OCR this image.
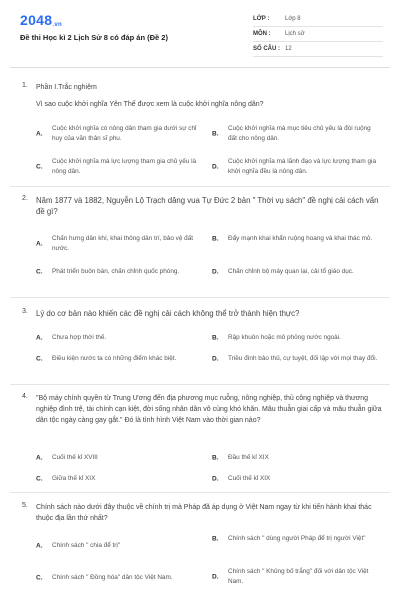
2048.vn
Đề thi Học kì 2 Lịch Sử 8 có đáp án (Đề 2)
LỚP :	Lớp 8
MÔN :	Lịch sử
SỐ CÂU : 12
1.	Phần I.Trắc nghiệm
Vì sao cuộc khởi nghĩa Yên Thế được xem là cuộc khởi nghĩa nông dân?
A.
Cuộc khởi nghĩa có nông dân tham gia dưới sự chỉ huy của văn thân sĩ phu.
B.
Cuộc khởi nghĩa mà mục tiêu chủ yếu là đòi ruộng đất cho nông dân.
C.
Cuộc khởi nghĩa mà lực lượng tham gia chủ yếu là nông dân.
D.
Cuộc khởi nghĩa mà lãnh đạo và lực lượng tham gia khởi nghĩa đều là nông dân.
2.	Năm 1877 và 1882, Nguyễn Lộ Trạch dâng vua Tự Đức 2 bản " Thời vụ sách" đề nghị cải cách vấn đề gì?
A.
Chấn hưng dân khí, khai thông dân trí, bảo vệ đất nước.
B. Đẩy mạnh khai khẩn ruộng hoang và khai thác mỏ.
C. Phát triển buôn bán, chấn chỉnh quốc phòng.	D. Chấn chỉnh bộ máy quan lại, cải tổ giáo dục.
3.	Lý do cơ bản nào khiến các đề nghị cải cách không thể trở thành hiện thực?
A. Chưa hợp thời thế.	B. Rập khuôn hoặc mô phỏng nước ngoài.
C. Điều kiện nước ta có những điểm khác biệt.	D. Triều đình bảo thủ, cự tuyệt, đối lập với mọi thay đổi.
4.	"Bộ máy chính quyền từ Trung Ương đến địa phương mục ruỗng, nông nghiệp, thủ công nghiệp và thương nghiệp đình trệ, tài chính cạn kiệt, đời sống nhân dân vô cùng khó khăn. Mâu thuẫn giai cấp và mâu thuẫn giữa dân tộc ngày càng gay gắt." Đó là tình hình Việt Nam vào thời gian nào?
A. Cuối thế kỉ XVIII	B. Đầu thế kỉ XIX
C. Giữa thế kỉ XIX	D. Cuối thế kỉ XIX
5.	Chính sách nào dưới đây thuộc về chính trị mà Pháp đã áp dụng ở Việt Nam ngay từ khi tiến hành khai thác thuộc địa lần thứ nhất?
A. Chính sách " chia để trị"
B. Chính sách " dùng người Pháp để trị người Việt"
C. Chính sách " Đồng hóa" dân tộc Việt Nam.	D.
Chính sách " Khủng bố trắng" đối với dân tộc Việt Nam.
